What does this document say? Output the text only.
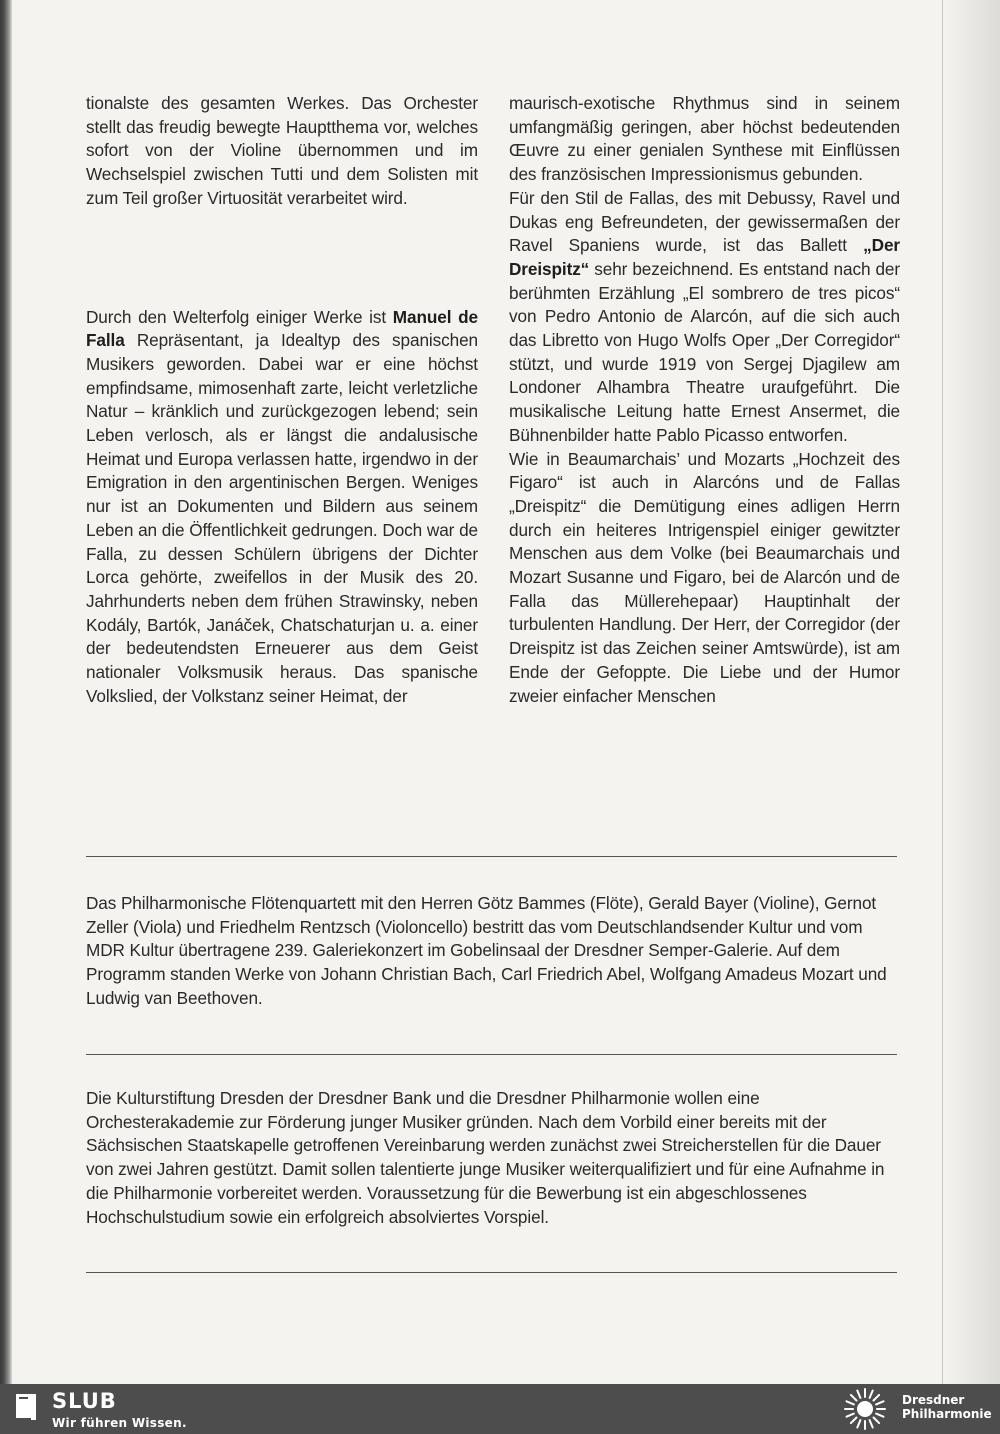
tionalste des gesamten Werkes. Das Orchester stellt das freudig bewegte Hauptthema vor, welches sofort von der Violine übernommen und im Wechselspiel zwischen Tutti und dem Solisten mit zum Teil großer Virtuosität verarbeitet wird.

Durch den Welterfolg einiger Werke ist Manuel de Falla Repräsentant, ja Idealtyp des spanischen Musikers geworden. Dabei war er eine höchst empfindsame, mimosenhaft zarte, leicht verletzliche Natur – kränklich und zurückgezogen lebend; sein Leben verlosch, als er längst die andalusische Heimat und Europa verlassen hatte, irgendwo in der Emigration in den argentinischen Bergen. Weniges nur ist an Dokumenten und Bildern aus seinem Leben an die Öffentlichkeit gedrungen. Doch war de Falla, zu dessen Schülern übrigens der Dichter Lorca gehörte, zweifellos in der Musik des 20. Jahrhunderts neben dem frühen Strawinsky, neben Kodály, Bartók, Janáček, Chatschaturjan u. a. einer der bedeutendsten Erneuerer aus dem Geist nationaler Volksmusik heraus. Das spanische Volkslied, der Volkstanz seiner Heimat, der

maurisch-exotische Rhythmus sind in seinem umfangmäßig geringen, aber höchst bedeutenden Œuvre zu einer genialen Synthese mit Einflüssen des französischen Impressionismus gebunden.

Für den Stil de Fallas, des mit Debussy, Ravel und Dukas eng Befreundeten, der gewissermaßen der Ravel Spaniens wurde, ist das Ballett „Der Dreispitz“ sehr bezeichnend. Es entstand nach der berühmten Erzählung „El sombrero de tres picos“ von Pedro Antonio de Alarcón, auf die sich auch das Libretto von Hugo Wolfs Oper „Der Corregidor“ stützt, und wurde 1919 von Sergej Djagilew am Londoner Alhambra Theatre uraufgeführt. Die musikalische Leitung hatte Ernest Ansermet, die Bühnenbilder hatte Pablo Picasso entworfen.

Wie in Beaumarchais’ und Mozarts „Hochzeit des Figaro“ ist auch in Alarcóns und de Fallas „Dreispitz“ die Demütigung eines adligen Herrn durch ein heiteres Intrigenspiel einiger gewitzter Menschen aus dem Volke (bei Beaumarchais und Mozart Susanne und Figaro, bei de Alarcón und de Falla das Müllerehepaar) Hauptinhalt der turbulenten Handlung. Der Herr, der Corregidor (der Dreispitz ist das Zeichen seiner Amtswürde), ist am Ende der Gefoppte. Die Liebe und der Humor zweier einfacher Menschen

Das Philharmonische Flötenquartett mit den Herren Götz Bammes (Flöte), Gerald Bayer (Violine), Gernot Zeller (Viola) und Friedhelm Rentzsch (Violoncello) bestritt das vom Deutschlandsender Kultur und vom MDR Kultur übertragene 239. Galeriekonzert im Gobelinsaal der Dresdner Semper-Galerie. Auf dem Programm standen Werke von Johann Christian Bach, Carl Friedrich Abel, Wolfgang Amadeus Mozart und Ludwig van Beethoven.

Die Kulturstiftung Dresden der Dresdner Bank und die Dresdner Philharmonie wollen eine Orchesterakademie zur Förderung junger Musiker gründen. Nach dem Vorbild einer bereits mit der Sächsischen Staatskapelle getroffenen Vereinbarung werden zunächst zwei Streicherstellen für die Dauer von zwei Jahren gestützt. Damit sollen talentierte junge Musiker weiterqualifiziert und für eine Aufnahme in die Philharmonie vorbereitet werden. Voraussetzung für die Bewerbung ist ein abgeschlossenes Hochschulstudium sowie ein erfolgreich absolviertes Vorspiel.

SLUB
Wir führen Wissen.
Dresdner
Philharmonie
